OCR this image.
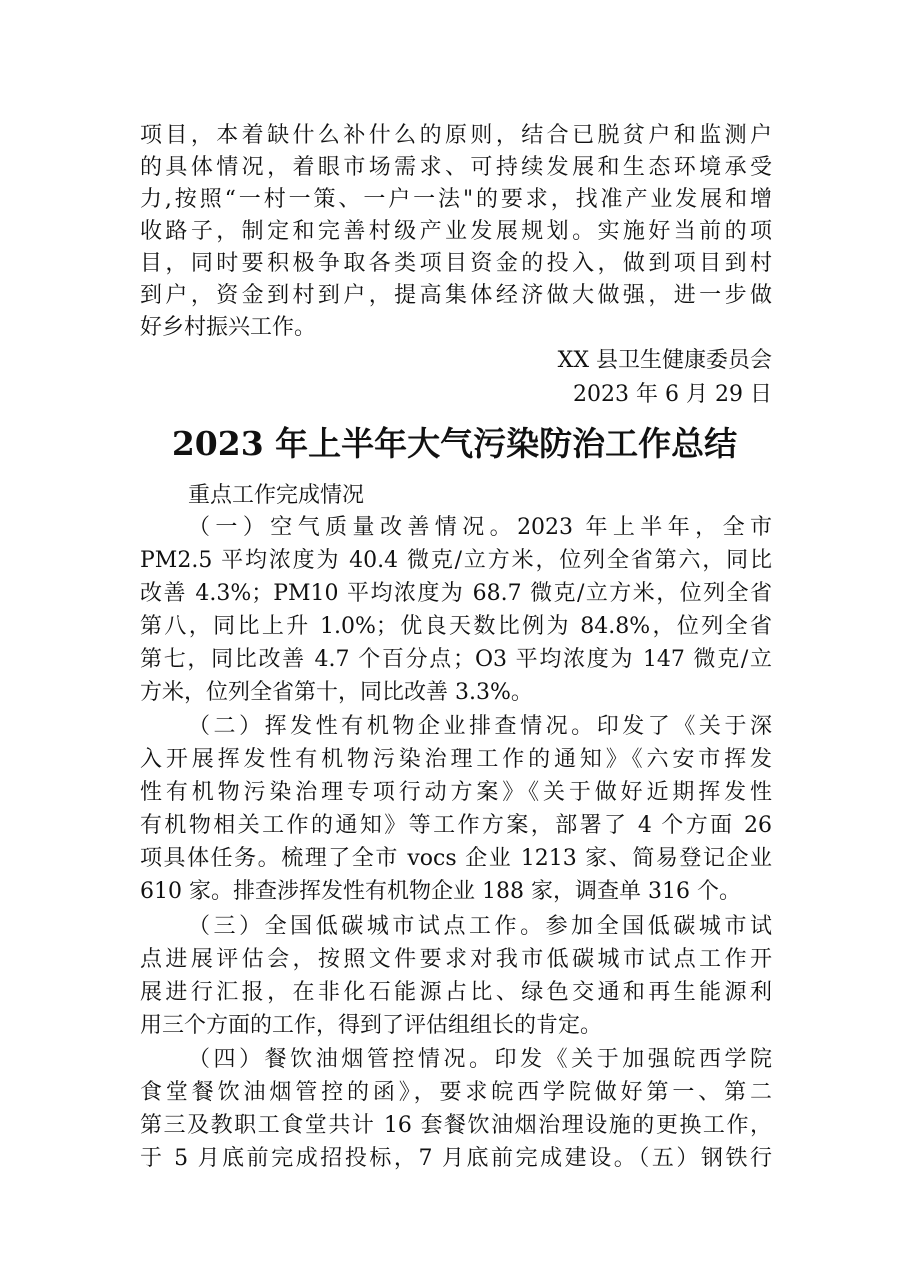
项目，本着缺什么补什么的原则，结合已脱贫户和监测户
的具体情况，着眼市场需求、可持续发展和生态环境承受
力,按照“一村一策、一户一法"的要求，找准产业发展和增
收路子，制定和完善村级产业发展规划。实施好当前的项
目，同时要积极争取各类项目资金的投入，做到项目到村
到户，资金到村到户，提高集体经济做大做强，进一步做
好乡村振兴工作。
XX 县卫生健康委员会
2023 年 6 月 29 日
2023 年上半年大气污染防治工作总结
重点工作完成情况
（一）空气质量改善情况。2023 年上半年，全市
PM2.5 平均浓度为 40.4 微克/立方米，位列全省第六，同比
改善 4.3%；PM10 平均浓度为 68.7 微克/立方米，位列全省
第八，同比上升 1.0%；优良天数比例为 84.8%，位列全省
第七，同比改善 4.7 个百分点；O3 平均浓度为 147 微克/立
方米，位列全省第十，同比改善 3.3%。
（二）挥发性有机物企业排查情况。印发了《关于深
入开展挥发性有机物污染治理工作的通知》《六安市挥发
性有机物污染治理专项行动方案》《关于做好近期挥发性
有机物相关工作的通知》等工作方案，部署了 4 个方面 26
项具体任务。梳理了全市 vocs 企业 1213 家、简易登记企业
610 家。排查涉挥发性有机物企业 188 家，调查单 316 个。
（三）全国低碳城市试点工作。参加全国低碳城市试
点进展评估会，按照文件要求对我市低碳城市试点工作开
展进行汇报，在非化石能源占比、绿色交通和再生能源利
用三个方面的工作，得到了评估组组长的肯定。
（四）餐饮油烟管控情况。印发《关于加强皖西学院
食堂餐饮油烟管控的函》，要求皖西学院做好第一、第二
第三及教职工食堂共计 16 套餐饮油烟治理设施的更换工作，
于 5 月底前完成招投标，7 月底前完成建设。（五）钢铁行
